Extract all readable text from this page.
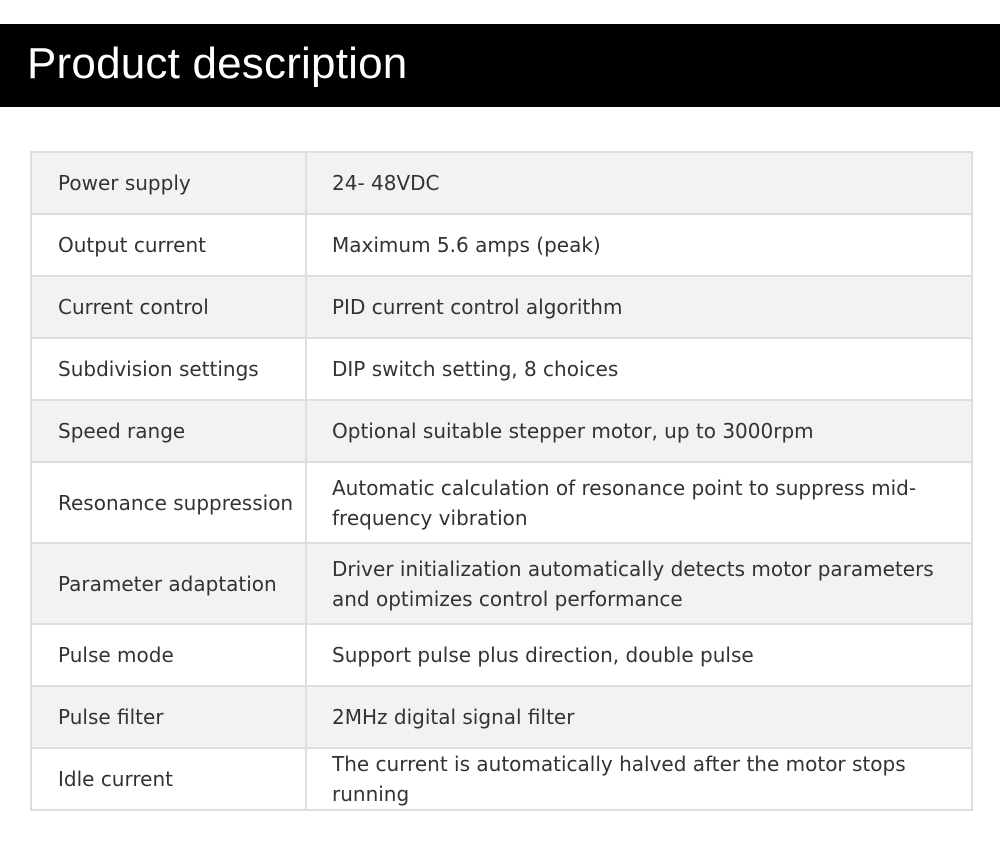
Product description
Power supply	24- 48VDC
Output current	Maximum 5.6 amps (peak)
Current control	PID current control algorithm
Subdivision settings	DIP switch setting, 8 choices
Speed range	Optional suitable stepper motor, up to 3000rpm
Resonance suppression	Automatic calculation of resonance point to suppress mid-frequency vibration
Parameter adaptation	Driver initialization automatically detects motor parameters and optimizes control performance
Pulse mode	Support pulse plus direction, double pulse
Pulse filter	2MHz digital signal filter
Idle current	The current is automatically halved after the motor stops running
